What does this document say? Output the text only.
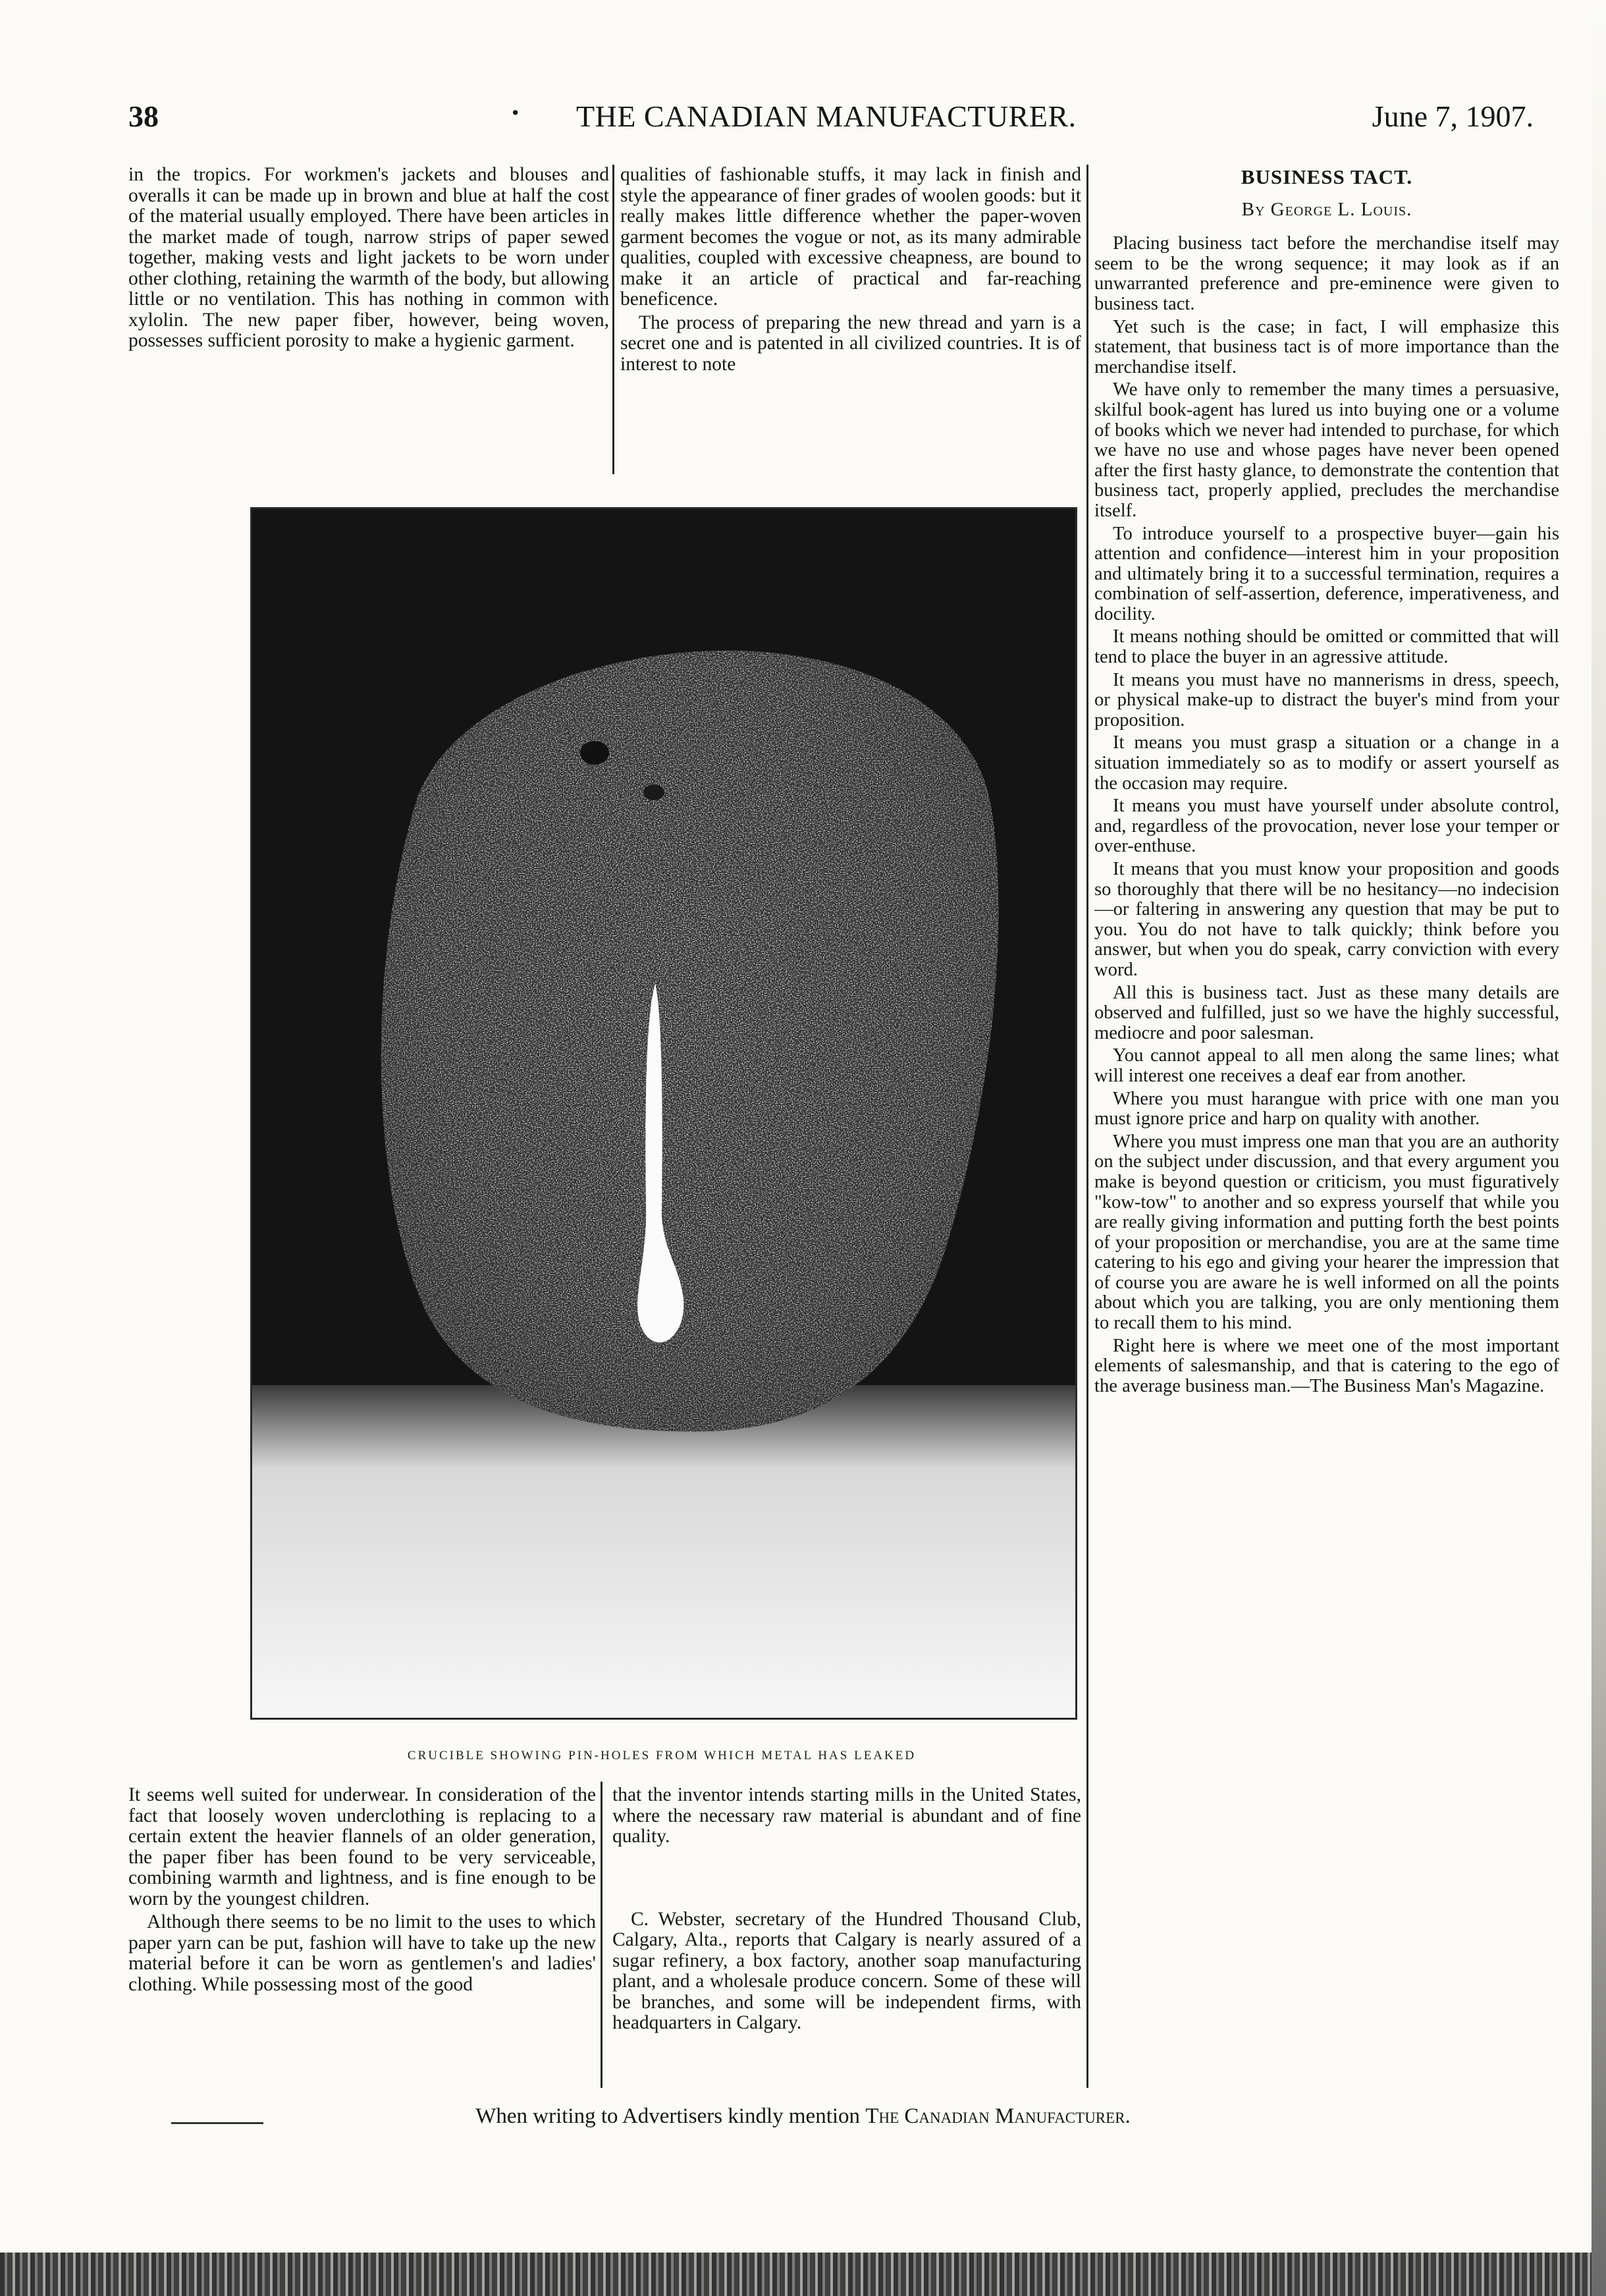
38	· THE CANADIAN MANUFACTURER.	June 7, 1907.

in the tropics. For workmen's jackets and blouses and overalls it can be made up in brown and blue at half the cost of the material usually employed. There have been articles in the market made of tough, narrow strips of paper sewed together, making vests and light jackets to be worn under other clothing, retaining the warmth of the body, but allowing little or no ventilation. This has nothing in common with xylolin. The new paper fiber, however, being woven, possesses sufficient porosity to make a hygienic garment.

qualities of fashionable stuffs, it may lack in finish and style the appearance of finer grades of woolen goods: but it really makes little difference whether the paper-woven garment becomes the vogue or not, as its many admirable qualities, coupled with excessive cheapness, are bound to make it an article of practical and far-reaching beneficence.

The process of preparing the new thread and yarn is a secret one and is patented in all civilized countries. It is of interest to note

BUSINESS TACT.

By George L. Louis.

Placing business tact before the merchandise itself may seem to be the wrong sequence; it may look as if an unwarranted preference and pre-eminence were given to business tact.

Yet such is the case; in fact, I will emphasize this statement, that business tact is of more importance than the merchandise itself.

We have only to remember the many times a persuasive, skilful book-agent has lured us into buying one or a volume of books which we never had intended to purchase, for which we have no use and whose pages have never been opened after the first hasty glance, to demonstrate the contention that business tact, properly applied, precludes the merchandise itself.

To introduce yourself to a prospective buyer—gain his attention and confidence—interest him in your proposition and ultimately bring it to a successful termination, requires a combination of self-assertion, deference, imperativeness, and docility.

It means nothing should be omitted or committed that will tend to place the buyer in an agressive attitude.

It means you must have no mannerisms in dress, speech, or physical make-up to distract the buyer's mind from your proposition.

It means you must grasp a situation or a change in a situation immediately so as to modify or assert yourself as the occasion may require.

It means you must have yourself under absolute control, and, regardless of the provocation, never lose your temper or over-enthuse.

It means that you must know your proposition and goods so thoroughly that there will be no hesitancy—no indecision—or faltering in answering any question that may be put to you. You do not have to talk quickly; think before you answer, but when you do speak, carry conviction with every word.

All this is business tact. Just as these many details are observed and fulfilled, just so we have the highly successful, mediocre and poor salesman.

You cannot appeal to all men along the same lines; what will interest one receives a deaf ear from another.

Where you must harangue with price with one man you must ignore price and harp on quality with another.

Where you must impress one man that you are an authority on the subject under discussion, and that every argument you make is beyond question or criticism, you must figuratively "kow-tow" to another and so express yourself that while you are really giving information and putting forth the best points of your proposition or merchandise, you are at the same time catering to his ego and giving your hearer the impression that of course you are aware he is well informed on all the points about which you are talking, you are only mentioning them to recall them to his mind.

Right here is where we meet one of the most important elements of salesmanship, and that is catering to the ego of the average business man.—The Business Man's Magazine.

CRUCIBLE SHOWING PIN-HOLES FROM WHICH METAL HAS LEAKED

It seems well suited for underwear. In consideration of the fact that loosely woven underclothing is replacing to a certain extent the heavier flannels of an older generation, the paper fiber has been found to be very serviceable, combining warmth and lightness, and is fine enough to be worn by the youngest children.

Although there seems to be no limit to the uses to which paper yarn can be put, fashion will have to take up the new material before it can be worn as gentlemen's and ladies' clothing. While possessing most of the good

that the inventor intends starting mills in the United States, where the necessary raw material is abundant and of fine quality.

C. Webster, secretary of the Hundred Thousand Club, Calgary, Alta., reports that Calgary is nearly assured of a sugar refinery, a box factory, another soap manufacturing plant, and a wholesale produce concern. Some of these will be branches, and some will be independent firms, with headquarters in Calgary.

When writing to Advertisers kindly mention The Canadian Manufacturer.
